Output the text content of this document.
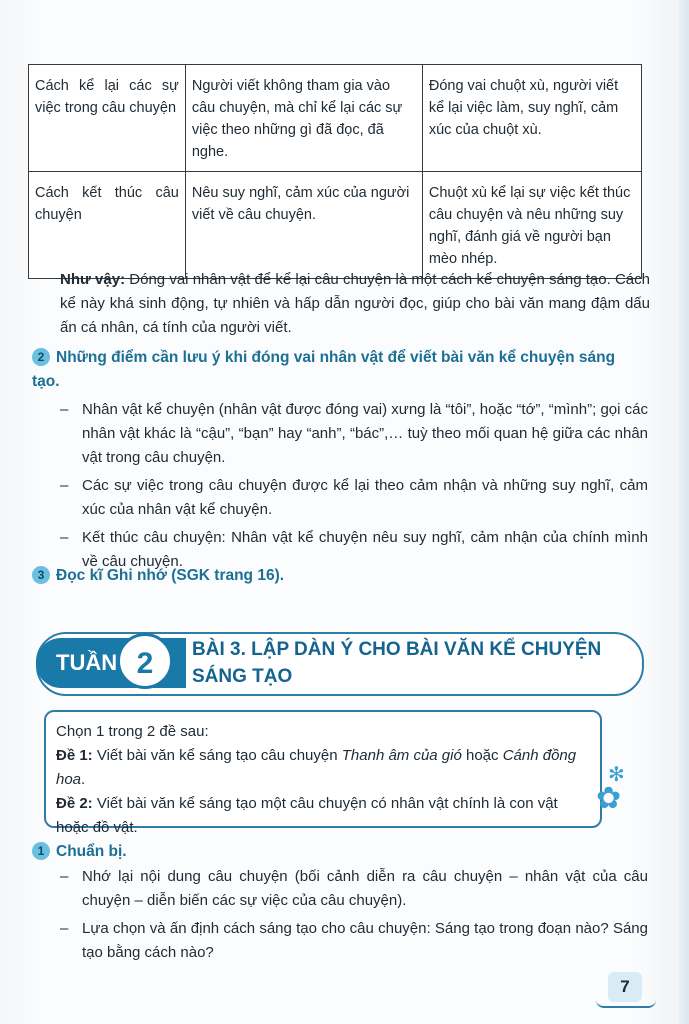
Cách kể lại các sự việc trong câu chuyện	Người viết không tham gia vào câu chuyện, mà chỉ kể lại các sự việc theo những gì đã đọc, đã nghe.	Đóng vai chuột xù, người viết kể lại việc làm, suy nghĩ, cảm xúc của chuột xù.
Cách kết thúc câu chuyện	Nêu suy nghĩ, cảm xúc của người viết về câu chuyện.	Chuột xù kể lại sự việc kết thúc câu chuyện và nêu những suy nghĩ, đánh giá về người bạn mèo nhép.
Như vậy: Đóng vai nhân vật để kể lại câu chuyện là một cách kể chuyện sáng tạo. Cách kể này khá sinh động, tự nhiên và hấp dẫn người đọc, giúp cho bài văn mang đậm dấu ấn cá nhân, cá tính của người viết.
2 Những điểm cần lưu ý khi đóng vai nhân vật để viết bài văn kể chuyện sáng tạo.
– Nhân vật kể chuyện (nhân vật được đóng vai) xưng là “tôi”, hoặc “tớ”, “mình”; gọi các nhân vật khác là “cậu”, “bạn” hay “anh”, “bác”,… tuỳ theo mối quan hệ giữa các nhân vật trong câu chuyện.
– Các sự việc trong câu chuyện được kể lại theo cảm nhận và những suy nghĩ, cảm xúc của nhân vật kể chuyện.
– Kết thúc câu chuyện: Nhân vật kể chuyện nêu suy nghĩ, cảm nhận của chính mình về câu chuyện.
3 Đọc kĩ Ghi nhớ (SGK trang 16).
TUẦN 2	BÀI 3. LẬP DÀN Ý CHO BÀI VĂN KỂ CHUYỆN SÁNG TẠO
Chọn 1 trong 2 đề sau:
Đề 1: Viết bài văn kể sáng tạo câu chuyện Thanh âm của gió hoặc Cánh đồng hoa.
Đề 2: Viết bài văn kể sáng tạo một câu chuyện có nhân vật chính là con vật hoặc đồ vật.
✻
✿
1 Chuẩn bị.
– Nhớ lại nội dung câu chuyện (bối cảnh diễn ra câu chuyện – nhân vật của câu chuyện – diễn biến các sự việc của câu chuyện).
– Lựa chọn và ấn định cách sáng tạo cho câu chuyện: Sáng tạo trong đoạn nào? Sáng tạo bằng cách nào?
7
